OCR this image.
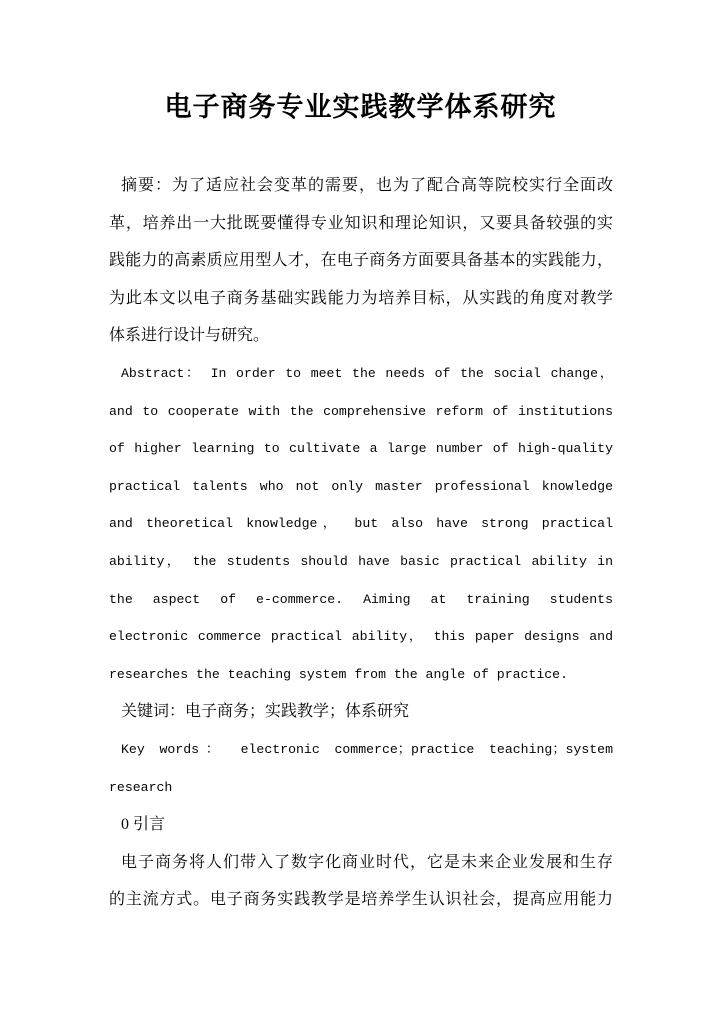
电子商务专业实践教学体系研究
摘要：为了适应社会变革的需要，也为了配合高等院校实行全面改
革，培养出一大批既要懂得专业知识和理论知识，又要具备较强的实
践能力的高素质应用型人才，在电子商务方面要具备基本的实践能力，
为此本文以电子商务基础实践能力为培养目标，从实践的角度对教学
体系进行设计与研究。
Abstract： In order to meet the needs of the social change，
and to cooperate with the comprehensive reform of institutions
of higher learning to cultivate a large number of high-quality
practical talents who not only master professional knowledge
and theoretical knowledge， but also have strong practical
ability， the students should have basic practical ability in
the aspect of e-commerce. Aiming at training students
electronic commerce practical ability， this paper designs and
researches the teaching system from the angle of practice.
关键词：电子商务；实践教学；体系研究
Key words： electronic commerce；practice teaching；system
research
0 引言
电子商务将人们带入了数字化商业时代，它是未来企业发展和生存
的主流方式。电子商务实践教学是培养学生认识社会，提高应用能力
